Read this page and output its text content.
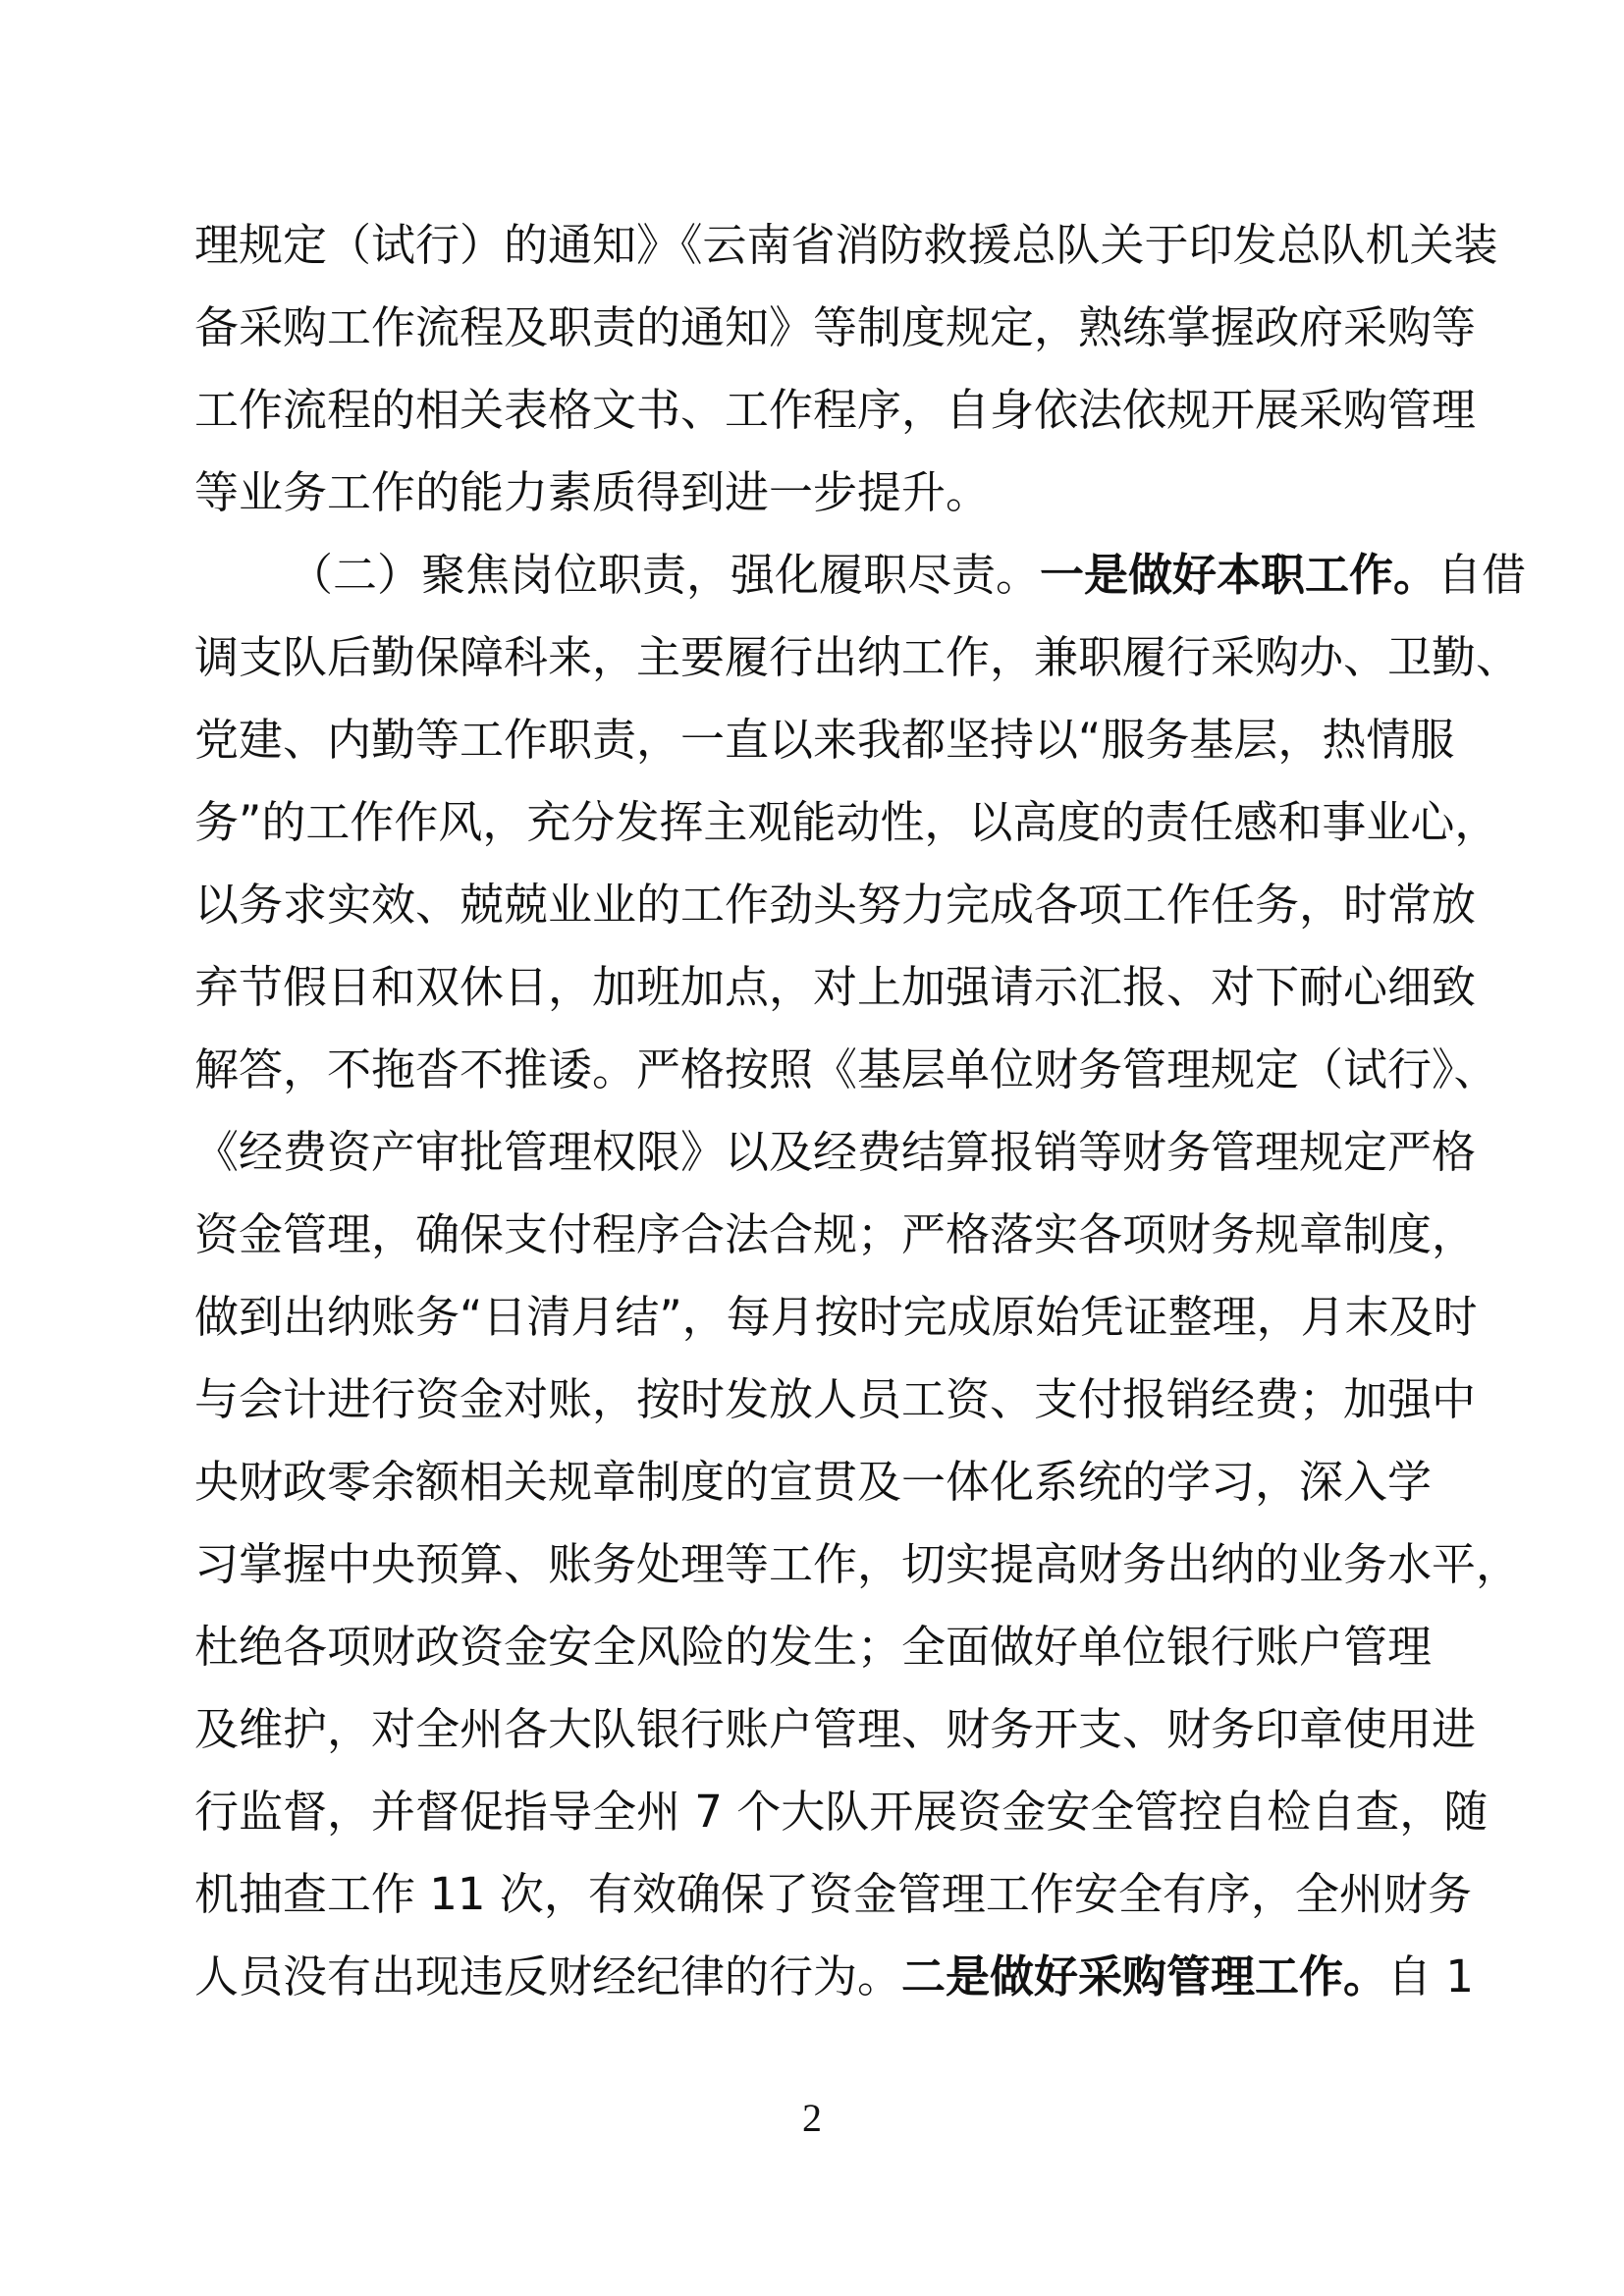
理规定（试行）的通知》《云南省消防救援总队关于印发总队机关装
备采购工作流程及职责的通知》等制度规定，熟练掌握政府采购等
工作流程的相关表格文书、工作程序，自身依法依规开展采购管理
等业务工作的能力素质得到进一步提升。
（二）聚焦岗位职责，强化履职尽责。一是做好本职工作。自借
调支队后勤保障科来，主要履行出纳工作，兼职履行采购办、卫勤、
党建、内勤等工作职责，一直以来我都坚持以“服务基层，热情服
务”的工作作风，充分发挥主观能动性，以高度的责任感和事业心，
以务求实效、兢兢业业的工作劲头努力完成各项工作任务，时常放
弃节假日和双休日，加班加点，对上加强请示汇报、对下耐心细致
解答，不拖沓不推诿。严格按照《基层单位财务管理规定（试行》、
《经费资产审批管理权限》以及经费结算报销等财务管理规定严格
资金管理，确保支付程序合法合规；严格落实各项财务规章制度，
做到出纳账务“日清月结”，每月按时完成原始凭证整理，月末及时
与会计进行资金对账，按时发放人员工资、支付报销经费；加强中
央财政零余额相关规章制度的宣贯及一体化系统的学习，深入学
习掌握中央预算、账务处理等工作，切实提高财务出纳的业务水平，
杜绝各项财政资金安全风险的发生；全面做好单位银行账户管理
及维护，对全州各大队银行账户管理、财务开支、财务印章使用进
行监督，并督促指导全州 7 个大队开展资金安全管控自检自查，随
机抽查工作 11 次，有效确保了资金管理工作安全有序，全州财务
人员没有出现违反财经纪律的行为。二是做好采购管理工作。自 1
2
